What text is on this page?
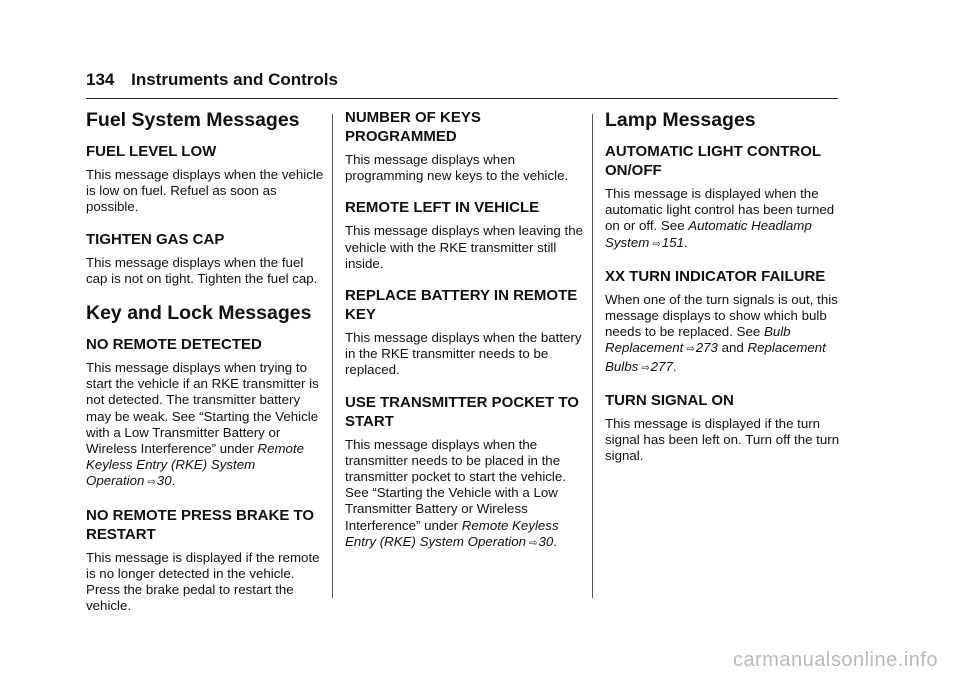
134 Instruments and Controls
Fuel System Messages
FUEL LEVEL LOW

This message displays when the vehicle is low on fuel. Refuel as soon as possible.

TIGHTEN GAS CAP

This message displays when the fuel cap is not on tight. Tighten the fuel cap.

Key and Lock Messages
NO REMOTE DETECTED

This message displays when trying to start the vehicle if an RKE transmitter is not detected. The transmitter battery may be weak. See “Starting the Vehicle with a Low Transmitter Battery or Wireless Interference” under Remote Keyless Entry (RKE) System Operation ⇨30.

NO REMOTE PRESS BRAKE TO RESTART

This message is displayed if the remote is no longer detected in the vehicle. Press the brake pedal to restart the vehicle.

NUMBER OF KEYS PROGRAMMED

This message displays when programming new keys to the vehicle.

REMOTE LEFT IN VEHICLE

This message displays when leaving the vehicle with the RKE transmitter still inside.

REPLACE BATTERY IN REMOTE KEY

This message displays when the battery in the RKE transmitter needs to be replaced.

USE TRANSMITTER POCKET TO START

This message displays when the transmitter needs to be placed in the transmitter pocket to start the vehicle. See “Starting the Vehicle with a Low Transmitter Battery or Wireless Interference” under Remote Keyless Entry (RKE) System Operation ⇨30.

Lamp Messages
AUTOMATIC LIGHT CONTROL ON/OFF

This message is displayed when the automatic light control has been turned on or off. See Automatic Headlamp System ⇨151.

XX TURN INDICATOR FAILURE

When one of the turn signals is out, this message displays to show which bulb needs to be replaced. See Bulb Replacement ⇨273 and Replacement Bulbs ⇨277.

TURN SIGNAL ON

This message is displayed if the turn signal has been left on. Turn off the turn signal.

carmanualsonline.info
